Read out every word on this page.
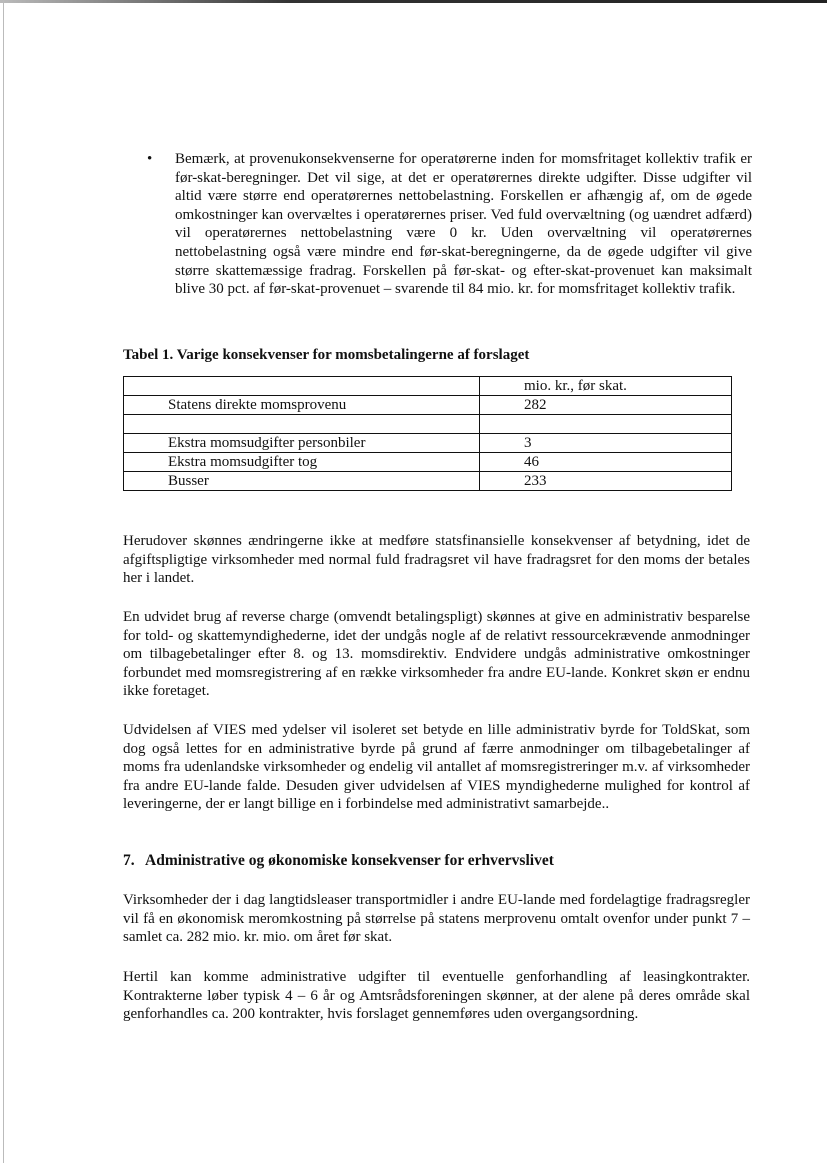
• Bemærk, at provenukonsekvenserne for operatørerne inden for momsfritaget kollektiv trafik er før-skat-beregninger. Det vil sige, at det er operatørernes direkte udgifter. Disse udgifter vil altid være større end operatørernes nettobelastning. Forskellen er afhængig af, om de øgede omkostninger kan overvæltes i operatørernes priser. Ved fuld overvæltning (og uændret adfærd) vil operatørernes nettobelastning være 0 kr. Uden overvæltning vil operatørernes nettobelastning også være mindre end før-skat-beregningerne, da de øgede udgifter vil give større skattemæssige fradrag. Forskellen på før-skat- og efter-skat-provenuet kan maksimalt blive 30 pct. af før-skat-provenuet – svarende til 84 mio. kr. for momsfritaget kollektiv trafik.

Tabel 1. Varige konsekvenser for momsbetalingerne af forslaget

	mio. kr., før skat.
Statens direkte momsprovenu	282

Ekstra momsudgifter personbiler	3
Ekstra momsudgifter tog	46
Busser	233

Herudover skønnes ændringerne ikke at medføre statsfinansielle konsekvenser af betydning, idet de afgiftspligtige virksomheder med normal fuld fradragsret vil have fradragsret for den moms der betales her i landet.

En udvidet brug af reverse charge (omvendt betalingspligt) skønnes at give en administrativ besparelse for told- og skattemyndighederne, idet der undgås nogle af de relativt ressourcekrævende anmodninger om tilbagebetalinger efter 8. og 13. momsdirektiv. Endvidere undgås administrative omkostninger forbundet med momsregistrering af en række virksomheder fra andre EU-lande. Konkret skøn er endnu ikke foretaget.

Udvidelsen af VIES med ydelser vil isoleret set betyde en lille administrativ byrde for ToldSkat, som dog også lettes for en administrative byrde på grund af færre anmodninger om tilbagebetalinger af moms fra udenlandske virksomheder og endelig vil antallet af momsregistreringer m.v. af virksomheder fra andre EU-lande falde. Desuden giver udvidelsen af VIES myndighederne mulighed for kontrol af leveringerne, der er langt billige en i forbindelse med administrativt samarbejde..

7. Administrative og økonomiske konsekvenser for erhvervslivet

Virksomheder der i dag langtidsleaser transportmidler i andre EU-lande med fordelagtige fradragsregler vil få en økonomisk meromkostning på størrelse på statens merprovenu omtalt ovenfor under punkt 7 – samlet ca. 282 mio. kr. mio. om året før skat.

Hertil kan komme administrative udgifter til eventuelle genforhandling af leasingkontrakter. Kontrakterne løber typisk 4 – 6 år og Amtsrådsforeningen skønner, at der alene på deres område skal genforhandles ca. 200 kontrakter, hvis forslaget gennemføres uden overgangsordning.
